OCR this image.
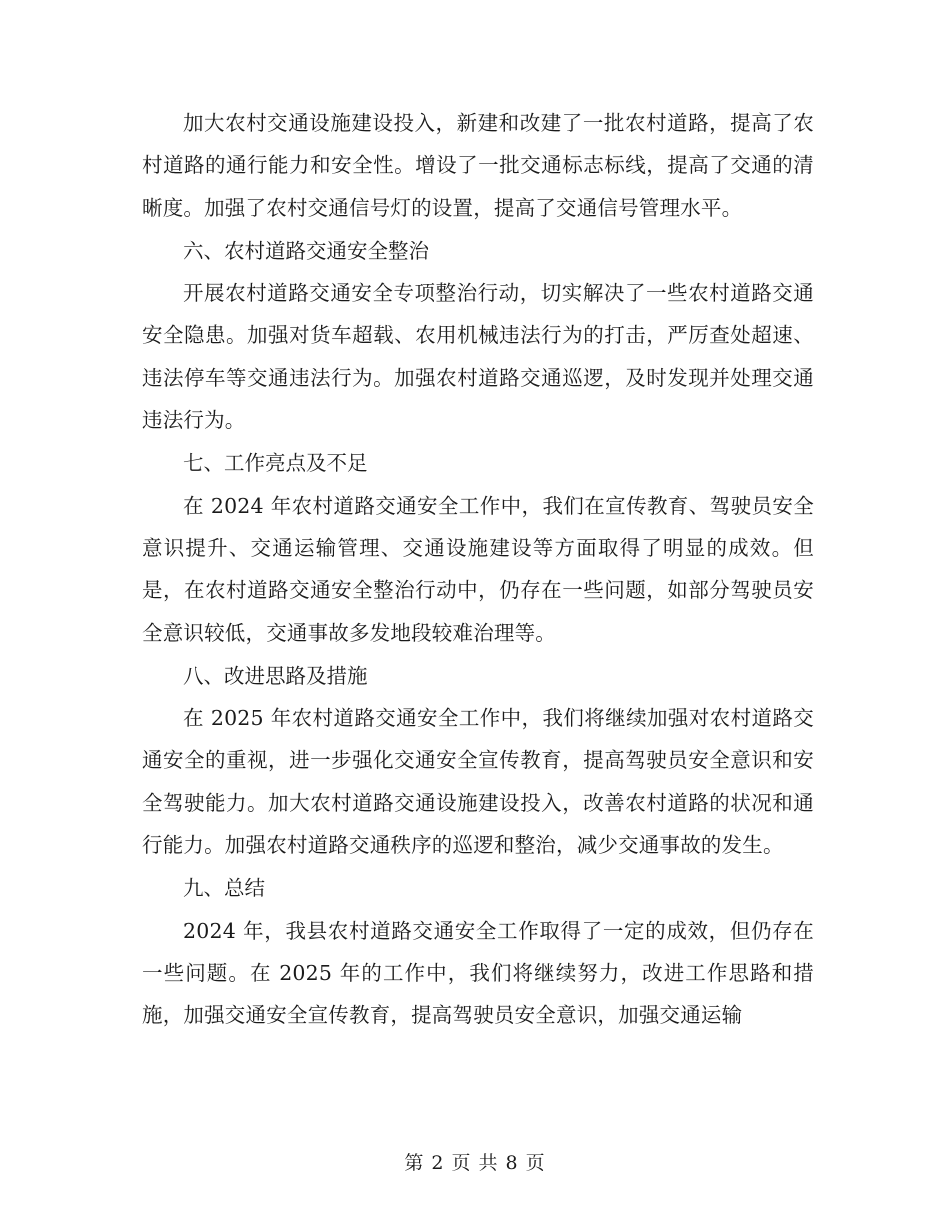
加大农村交通设施建设投入，新建和改建了一批农村道路，提高了农村道路的通行能力和安全性。增设了一批交通标志标线，提高了交通的清晰度。加强了农村交通信号灯的设置，提高了交通信号管理水平。

六、农村道路交通安全整治

开展农村道路交通安全专项整治行动，切实解决了一些农村道路交通安全隐患。加强对货车超载、农用机械违法行为的打击，严厉查处超速、违法停车等交通违法行为。加强农村道路交通巡逻，及时发现并处理交通违法行为。

七、工作亮点及不足

在 2024 年农村道路交通安全工作中，我们在宣传教育、驾驶员安全意识提升、交通运输管理、交通设施建设等方面取得了明显的成效。但是，在农村道路交通安全整治行动中，仍存在一些问题，如部分驾驶员安全意识较低，交通事故多发地段较难治理等。

八、改进思路及措施

在 2025 年农村道路交通安全工作中，我们将继续加强对农村道路交通安全的重视，进一步强化交通安全宣传教育，提高驾驶员安全意识和安全驾驶能力。加大农村道路交通设施建设投入，改善农村道路的状况和通行能力。加强农村道路交通秩序的巡逻和整治，减少交通事故的发生。

九、总结

2024 年，我县农村道路交通安全工作取得了一定的成效，但仍存在一些问题。在 2025 年的工作中，我们将继续努力，改进工作思路和措施，加强交通安全宣传教育，提高驾驶员安全意识，加强交通运输

第 2 页 共 8 页
